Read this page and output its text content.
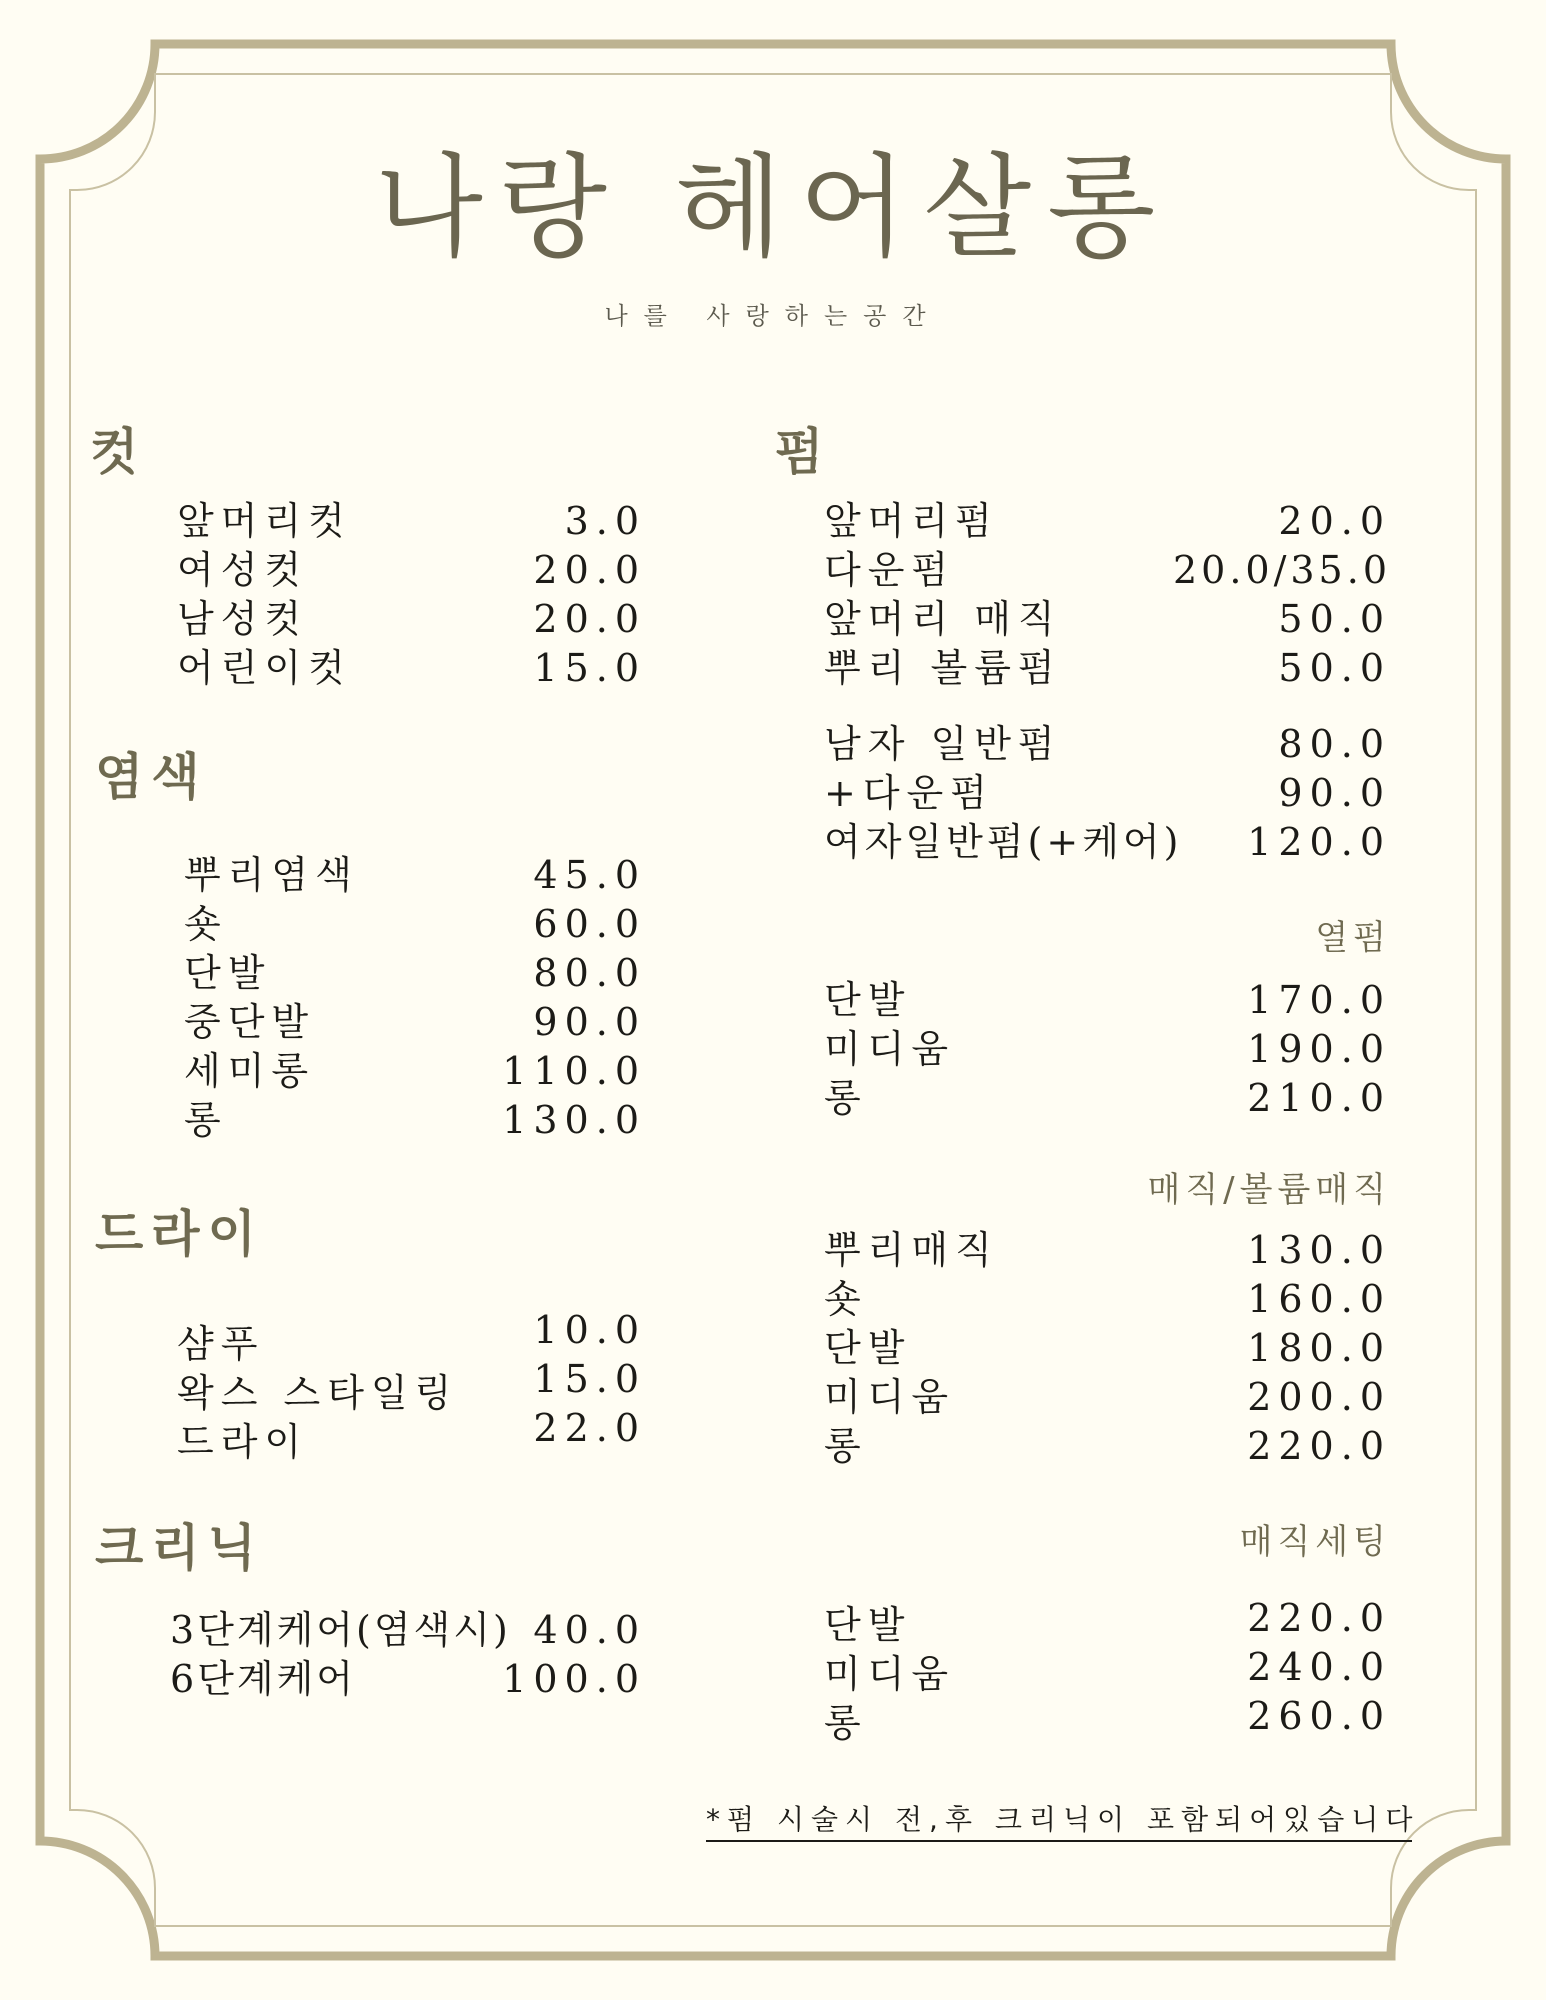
나랑 헤어살롱
나를 사랑하는공간
컷
앞머리컷	3.0
여성컷	20.0
남성컷	20.0
어린이컷	15.0
염색
뿌리염색	45.0
숏	60.0
단발	80.0
중단발	90.0
세미롱	110.0
롱	130.0
드라이
샴푸	10.0
왁스 스타일링 15.0
드라이	22.0
크리닉
3단계케어(염색시) 40.0
6단계케어	100.0
펌
앞머리펌	20.0
다운펌	20.0/35.0
앞머리 매직	50.0
뿌리 볼륨펌	50.0
남자 일반펌	80.0
+다운펌	90.0
여자일반펌(+케어) 120.0
열펌
단발	170.0
미디움	190.0
롱	210.0
매직/볼륨매직
뿌리매직	130.0
숏	160.0
단발	180.0
미디움	200.0
롱	220.0
매직세팅
단발	220.0
미디움	240.0
롱	260.0
*펌 시술시 전,후 크리닉이 포함되어있습니다
